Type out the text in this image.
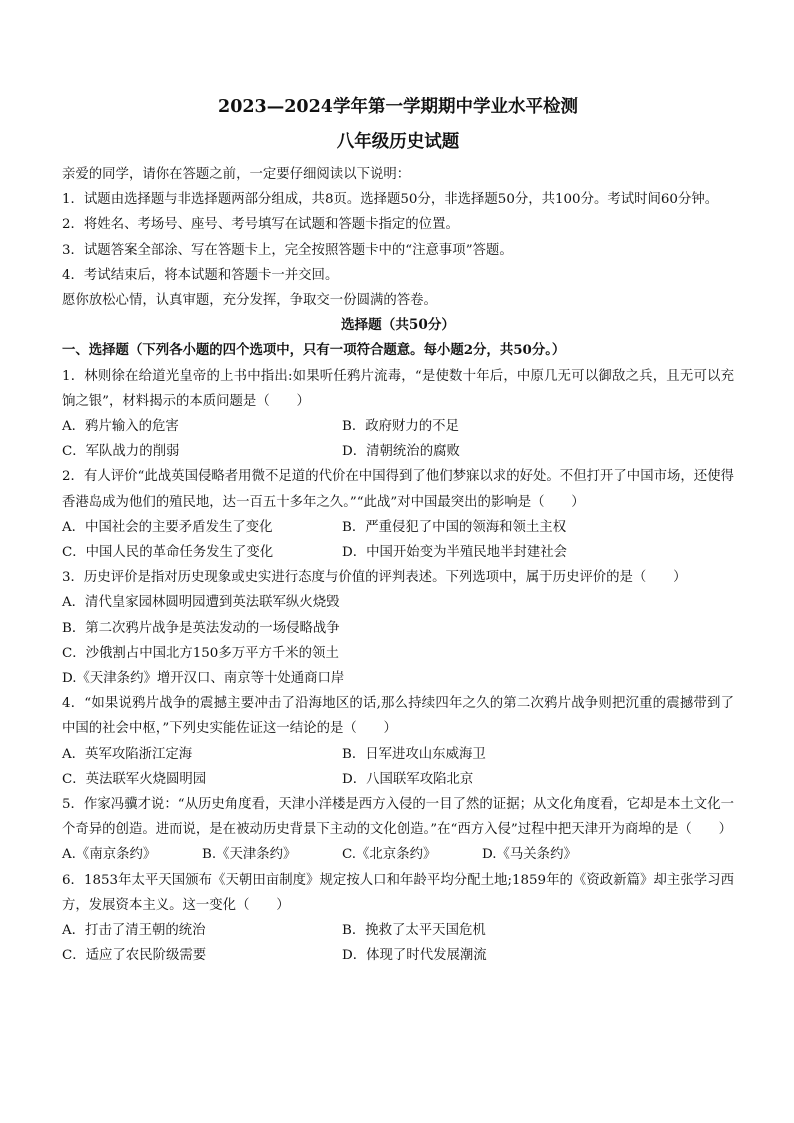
2023—2024学年第一学期期中学业水平检测
八年级历史试题

亲爱的同学，请你在答题之前，一定要仔细阅读以下说明：

1．试题由选择题与非选择题两部分组成，共8页。选择题50分，非选择题50分，共100分。考试时间60分钟。

2．将姓名、考场号、座号、考号填写在试题和答题卡指定的位置。

3．试题答案全部涂、写在答题卡上，完全按照答题卡中的“注意事项”答题。

4．考试结束后，将本试题和答题卡一并交回。

愿你放松心情，认真审题，充分发挥，争取交一份圆满的答卷。

选择题（共50分）

一、选择题（下列各小题的四个选项中，只有一项符合题意。每小题2分，共50分。）

1．林则徐在给道光皇帝的上书中指出:如果听任鸦片流毒，“是使数十年后，中原几无可以御敌之兵，且无可以充饷之银”，材料揭示的本质问题是（　　）

A．鸦片输入的危害	B．政府财力的不足
C．军队战力的削弱	D．清朝统治的腐败

2．有人评价“此战英国侵略者用微不足道的代价在中国得到了他们梦寐以求的好处。不但打开了中国市场，还使得香港岛成为他们的殖民地，达一百五十多年之久。”“此战”对中国最突出的影响是（　　）

A．中国社会的主要矛盾发生了变化	B．严重侵犯了中国的领海和领土主权
C．中国人民的革命任务发生了变化	D．中国开始变为半殖民地半封建社会

3．历史评价是指对历史现象或史实进行态度与价值的评判表述。下列选项中，属于历史评价的是（　　）

A．清代皇家园林圆明园遭到英法联军纵火烧毁

B．第二次鸦片战争是英法发动的一场侵略战争

C．沙俄割占中国北方150多万平方千米的领土

D.《天津条约》增开汉口、南京等十处通商口岸

4．“如果说鸦片战争的震撼主要冲击了沿海地区的话,那么持续四年之久的第二次鸦片战争则把沉重的震撼带到了中国的社会中枢，”下列史实能佐证这一结论的是（　　）

A．英军攻陷浙江定海	B．日军进攻山东威海卫
C．英法联军火烧圆明园	D．八国联军攻陷北京

5．作家冯骥才说：“从历史角度看，天津小洋楼是西方入侵的一目了然的证据；从文化角度看，它却是本土文化一个奇异的创造。进而说，是在被动历史背景下主动的文化创造。”在“西方入侵”过程中把天津开为商埠的是（　　）

A.《南京条约》	B.《天津条约》	C.《北京条约》	D.《马关条约》

6．1853年太平天国颁布《天朝田亩制度》规定按人口和年龄平均分配土地;1859年的《资政新篇》却主张学习西方，发展资本主义。这一变化（　　）

A．打击了清王朝的统治	B．挽救了太平天国危机
C．适应了农民阶级需要	D．体现了时代发展潮流
